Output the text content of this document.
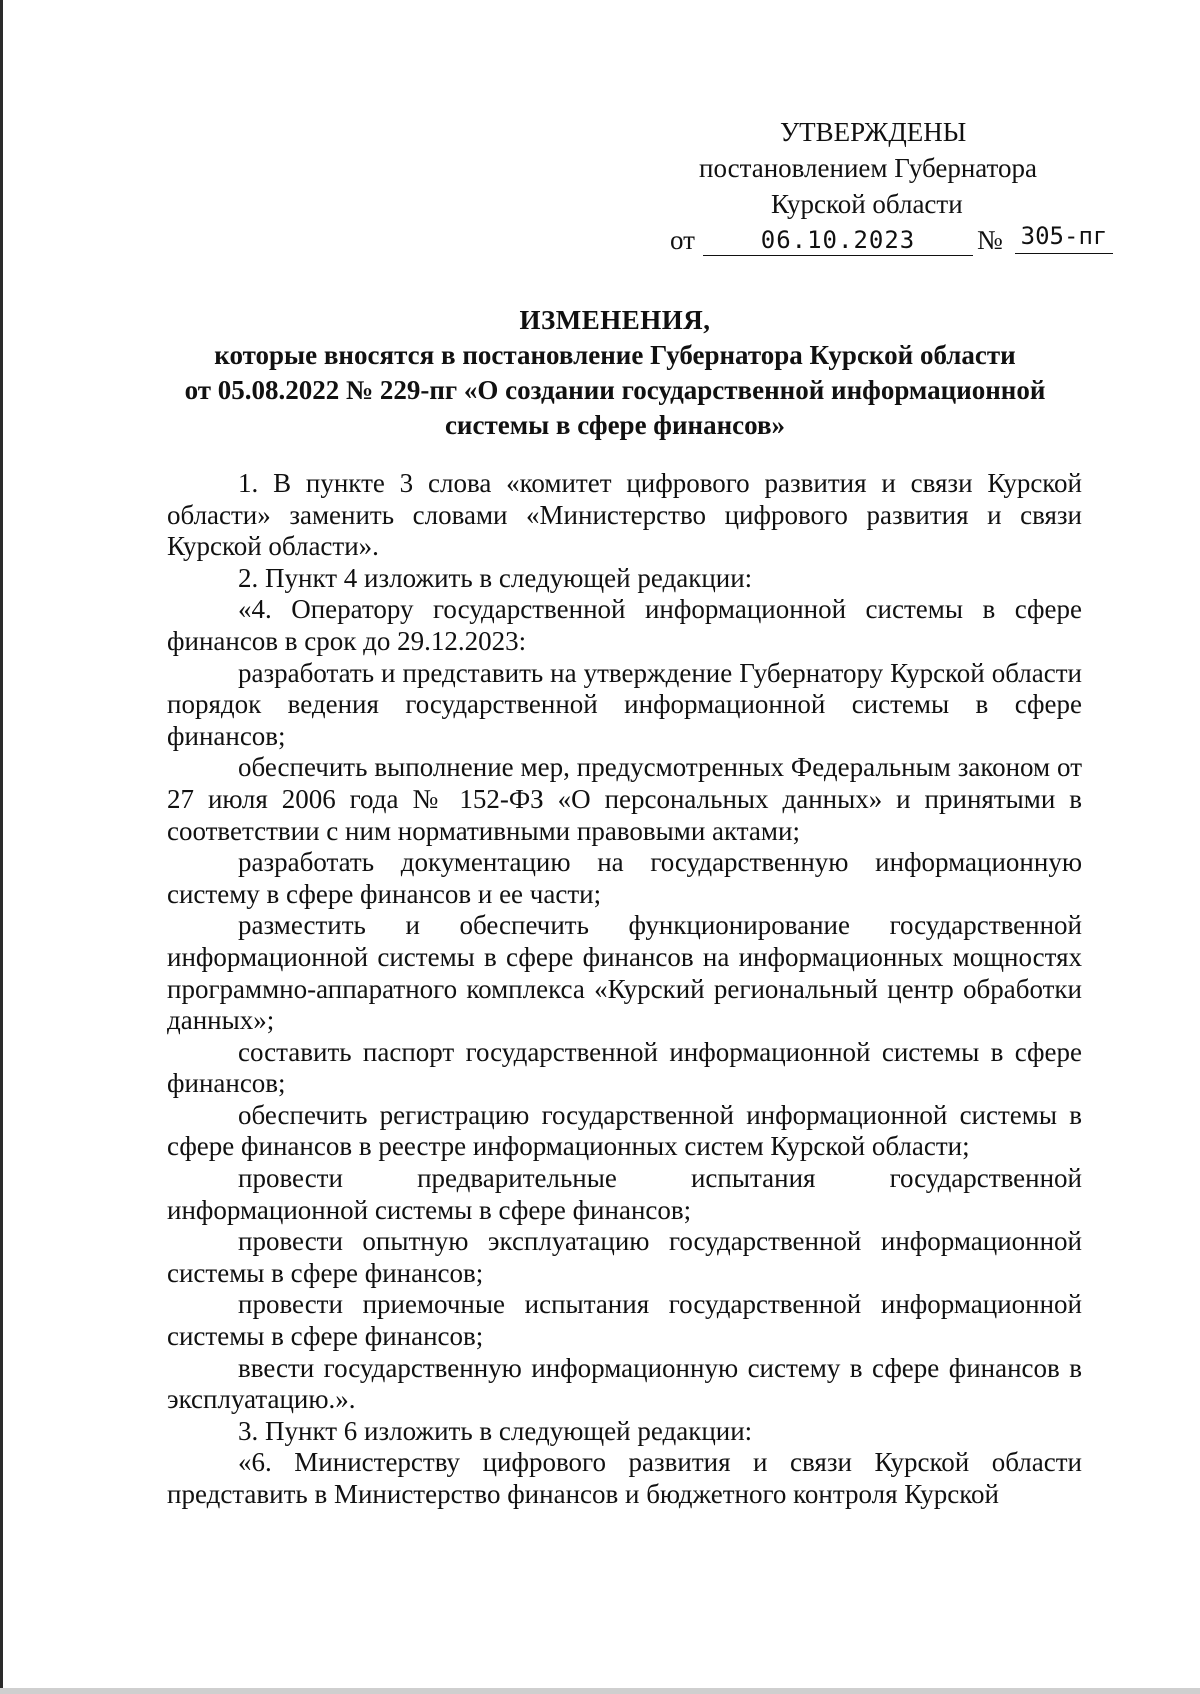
УТВЕРЖДЕНЫ
постановлением Губернатора
Курской области
от	06.10.2023	№ 305-пг
ИЗМЕНЕНИЯ,
которые вносятся в постановление Губернатора Курской области
от 05.08.2022 № 229-пг «О создании государственной информационной
системы в сфере финансов»

1. В пункте 3 слова «комитет цифрового развития и связи Курской области» заменить словами «Министерство цифрового развития и связи Курской области».

2. Пункт 4 изложить в следующей редакции:

«4. Оператору государственной информационной системы в сфере финансов в срок до 29.12.2023:

разработать и представить на утверждение Губернатору Курской области порядок ведения государственной информационной системы в сфере финансов;

обеспечить выполнение мер, предусмотренных Федеральным законом от 27 июля 2006 года № 152-ФЗ «О персональных данных» и принятыми в соответствии с ним нормативными правовыми актами;

разработать документацию на государственную информационную систему в сфере финансов и ее части;

разместить и обеспечить функционирование государственной информационной системы в сфере финансов на информационных мощностях программно-аппаратного комплекса «Курский региональный центр обработки данных»;

составить паспорт государственной информационной системы в сфере финансов;

обеспечить регистрацию государственной информационной системы в сфере финансов в реестре информационных систем Курской области;

провести предварительные испытания государственной информационной системы в сфере финансов;

провести опытную эксплуатацию государственной информационной системы в сфере финансов;

провести приемочные испытания государственной информационной системы в сфере финансов;

ввести государственную информационную систему в сфере финансов в эксплуатацию.».

3. Пункт 6 изложить в следующей редакции:

«6. Министерству цифрового развития и связи Курской области представить в Министерство финансов и бюджетного контроля Курской
